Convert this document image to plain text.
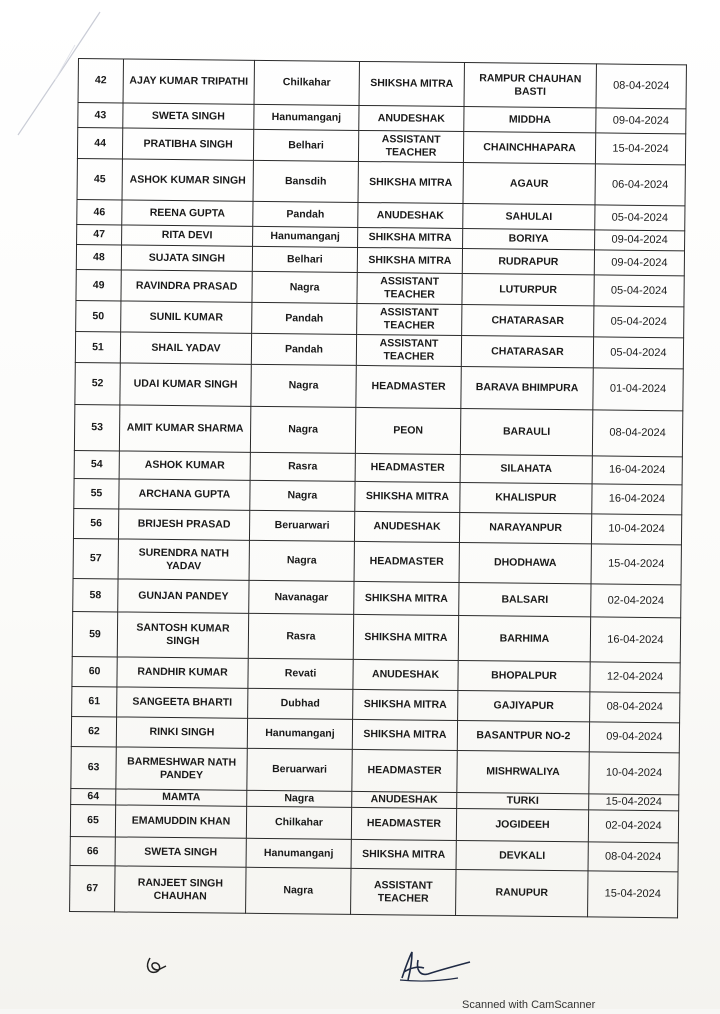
42	AJAY KUMAR TRIPATHI	Chilkahar	SHIKSHA MITRA	RAMPUR CHAUHAN BASTI	08-04-2024
43	SWETA SINGH	Hanumanganj	ANUDESHAK	MIDDHA	09-04-2024
44	PRATIBHA SINGH	Belhari	ASSISTANT TEACHER	CHAINCHHAPARA	15-04-2024
45	ASHOK KUMAR SINGH	Bansdih	SHIKSHA MITRA	AGAUR	06-04-2024
46	REENA GUPTA	Pandah	ANUDESHAK	SAHULAI	05-04-2024
47	RITA DEVI	Hanumanganj	SHIKSHA MITRA	BORIYA	09-04-2024
48	SUJATA SINGH	Belhari	SHIKSHA MITRA	RUDRAPUR	09-04-2024
49	RAVINDRA PRASAD	Nagra	ASSISTANT TEACHER	LUTURPUR	05-04-2024
50	SUNIL KUMAR	Pandah	ASSISTANT TEACHER	CHATARASAR	05-04-2024
51	SHAIL YADAV	Pandah	ASSISTANT TEACHER	CHATARASAR	05-04-2024
52	UDAI KUMAR SINGH	Nagra	HEADMASTER	BARAVA BHIMPURA	01-04-2024
53	AMIT KUMAR SHARMA	Nagra	PEON	BARAULI	08-04-2024
54	ASHOK KUMAR	Rasra	HEADMASTER	SILAHATA	16-04-2024
55	ARCHANA GUPTA	Nagra	SHIKSHA MITRA	KHALISPUR	16-04-2024
56	BRIJESH PRASAD	Beruarwari	ANUDESHAK	NARAYANPUR	10-04-2024
57	SURENDRA NATH YADAV	Nagra	HEADMASTER	DHODHAWA	15-04-2024
58	GUNJAN PANDEY	Navanagar	SHIKSHA MITRA	BALSARI	02-04-2024
59	SANTOSH KUMAR SINGH	Rasra	SHIKSHA MITRA	BARHIMA	16-04-2024
60	RANDHIR KUMAR	Revati	ANUDESHAK	BHOPALPUR	12-04-2024
61	SANGEETA BHARTI	Dubhad	SHIKSHA MITRA	GAJIYAPUR	08-04-2024
62	RINKI SINGH	Hanumanganj	SHIKSHA MITRA	BASANTPUR NO-2	09-04-2024
63	BARMESHWAR NATH PANDEY	Beruarwari	HEADMASTER	MISHRWALIYA	10-04-2024
64	MAMTA	Nagra	ANUDESHAK	TURKI	15-04-2024
65	EMAMUDDIN KHAN	Chilkahar	HEADMASTER	JOGIDEEH	02-04-2024
66	SWETA SINGH	Hanumanganj	SHIKSHA MITRA	DEVKALI	08-04-2024
67	RANJEET SINGH CHAUHAN	Nagra	ASSISTANT TEACHER	RANUPUR	15-04-2024
Scanned with CamScanner
